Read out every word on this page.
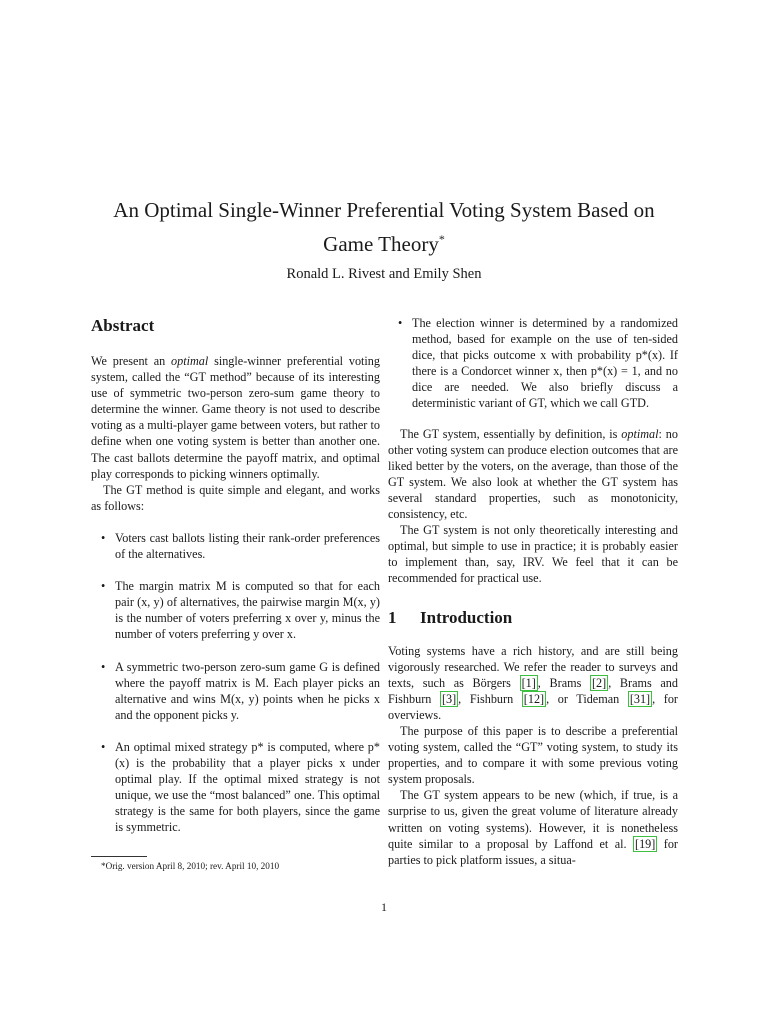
An Optimal Single-Winner Preferential Voting System Based on
Game Theory*
Ronald L. Rivest and Emily Shen
Abstract

We present an optimal single-winner preferential voting system, called the “GT method” because of its interesting use of symmetric two-person zero-sum game theory to determine the winner. Game theory is not used to describe voting as a multi-player game between voters, but rather to define when one voting system is better than another one. The cast ballots determine the payoff matrix, and optimal play corresponds to picking winners optimally.

The GT method is quite simple and elegant, and works as follows:

• Voters cast ballots listing their rank-order preferences of the alternatives.
• The margin matrix M is computed so that for each pair (x, y) of alternatives, the pairwise margin M(x, y) is the number of voters preferring x over y, minus the number of voters preferring y over x.
• A symmetric two-person zero-sum game G is defined where the payoff matrix is M. Each player picks an alternative and wins M(x, y) points when he picks x and the opponent picks y.
• An optimal mixed strategy p* is computed, where p*(x) is the probability that a player picks x under optimal play. If the optimal mixed strategy is not unique, we use the “most balanced” one. This optimal strategy is the same for both players, since the game is symmetric.
• The election winner is determined by a randomized method, based for example on the use of ten-sided dice, that picks outcome x with probability p*(x). If there is a Condorcet winner x, then p*(x) = 1, and no dice are needed. We also briefly discuss a deterministic variant of GT, which we call GTD.

The GT system, essentially by definition, is optimal: no other voting system can produce election outcomes that are liked better by the voters, on the average, than those of the GT system. We also look at whether the GT system has several standard properties, such as monotonicity, consistency, etc.

The GT system is not only theoretically interesting and optimal, but simple to use in practice; it is probably easier to implement than, say, IRV. We feel that it can be recommended for practical use.

1 Introduction

Voting systems have a rich history, and are still being vigorously researched. We refer the reader to surveys and texts, such as Börgers [1] , Brams [2] , Brams and Fishburn [3] , Fishburn [12] , or Tideman [31] , for overviews.

The purpose of this paper is to describe a preferential voting system, called the “GT” voting system, to study its properties, and to compare it with some previous voting system proposals.

The GT system appears to be new (which, if true, is a surprise to us, given the great volume of literature already written on voting systems). However, it is nonetheless quite similar to a proposal by Laffond et al. [19] for parties to pick platform issues, a situa-

*Orig. version April 8, 2010; rev. April 10, 2010
1
